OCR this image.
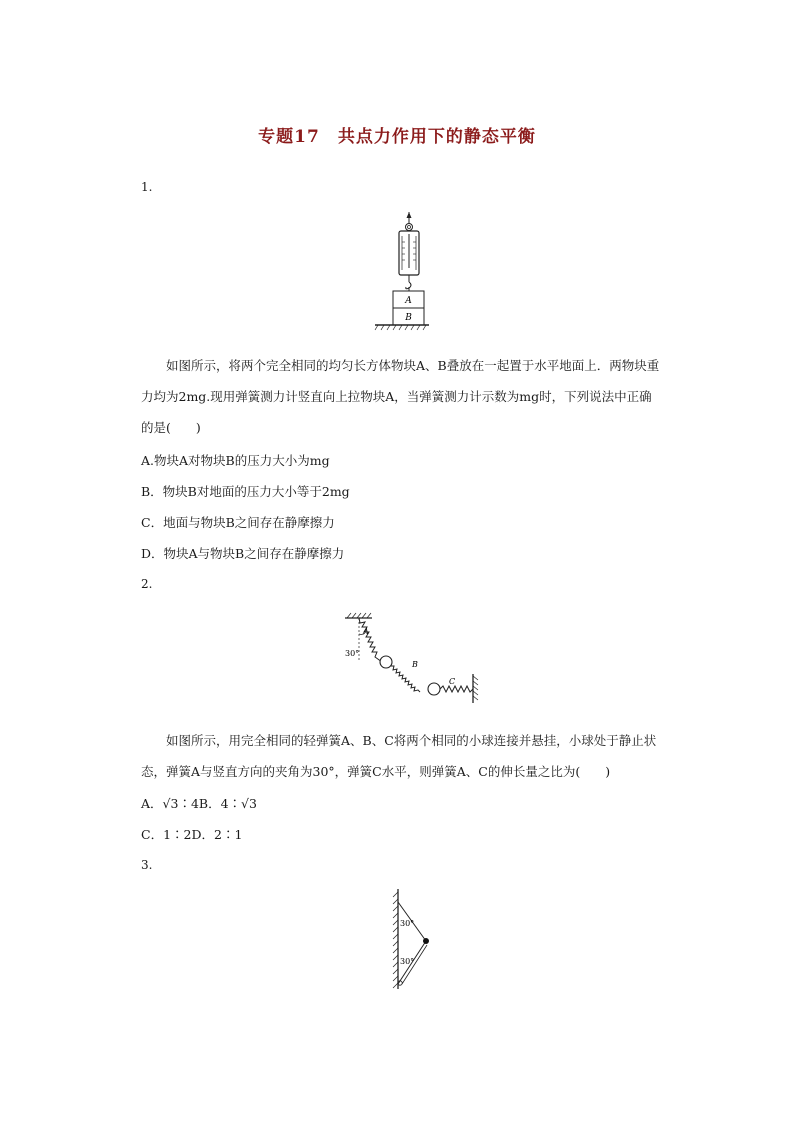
专题17　共点力作用下的静态平衡
1.
A
B
如图所示，将两个完全相同的均匀长方体物块A、B叠放在一起置于水平地面上．两物块重力均为2mg.现用弹簧测力计竖直向上拉物块A，当弹簧测力计示数为mg时，下列说法中正确的是(　　)
A.物块A对物块B的压力大小为mg
B．物块B对地面的压力大小等于2mg
C．地面与物块B之间存在静摩擦力
D．物块A与物块B之间存在静摩擦力
2.
A
30°
B
C
如图所示，用完全相同的轻弹簧A、B、C将两个相同的小球连接并悬挂，小球处于静止状态，弹簧A与竖直方向的夹角为30°，弹簧C水平，则弹簧A、C的伸长量之比为(　　)
A．√3∶4B．4∶√3
C．1∶2D．2∶1
3.
30°
30°
